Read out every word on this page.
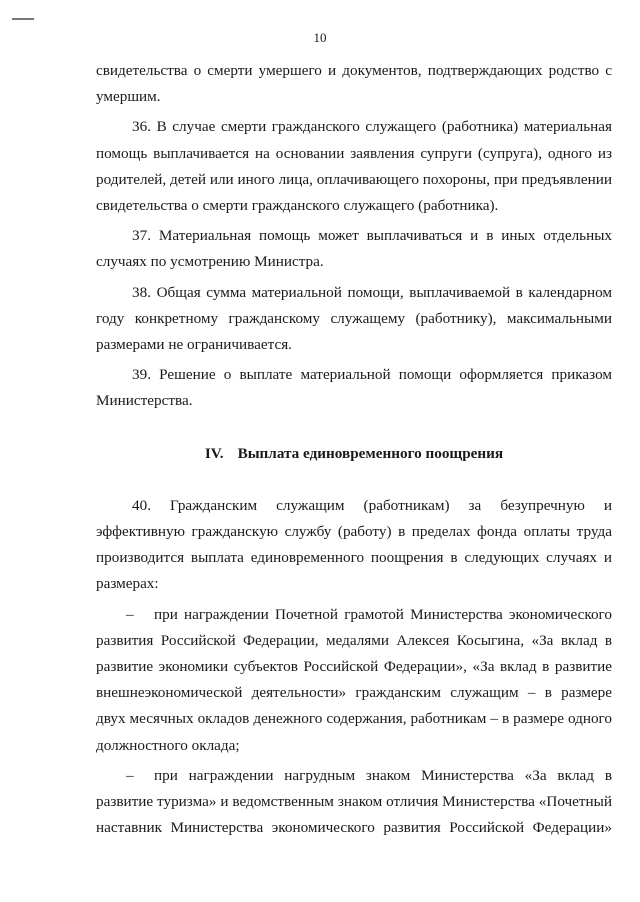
10

свидетельства о смерти умершего и документов, подтверждающих родство с умершим.

36. В случае смерти гражданского служащего (работника) материальная помощь выплачивается на основании заявления супруги (супруга), одного из родителей, детей или иного лица, оплачивающего похороны, при предъявлении свидетельства о смерти гражданского служащего (работника).

37. Материальная помощь может выплачиваться и в иных отдельных случаях по усмотрению Министра.

38. Общая сумма материальной помощи, выплачиваемой в календарном году конкретному гражданскому служащему (работнику), максимальными размерами не ограничивается.

39. Решение о выплате материальной помощи оформляется приказом Министерства.

IV. Выплата единовременного поощрения

40. Гражданским служащим (работникам) за безупречную и эффективную гражданскую службу (работу) в пределах фонда оплаты труда производится выплата единовременного поощрения в следующих случаях и размерах:

– при награждении Почетной грамотой Министерства экономического развития Российской Федерации, медалями Алексея Косыгина, «За вклад в развитие экономики субъектов Российской Федерации», «За вклад в развитие внешнеэкономической деятельности» гражданским служащим – в размере двух месячных окладов денежного содержания, работникам – в размере одного должностного оклада;

– при награждении нагрудным знаком Министерства «За вклад в развитие туризма» и ведомственным знаком отличия Министерства «Почетный наставник Министерства экономического развития Российской Федерации»
